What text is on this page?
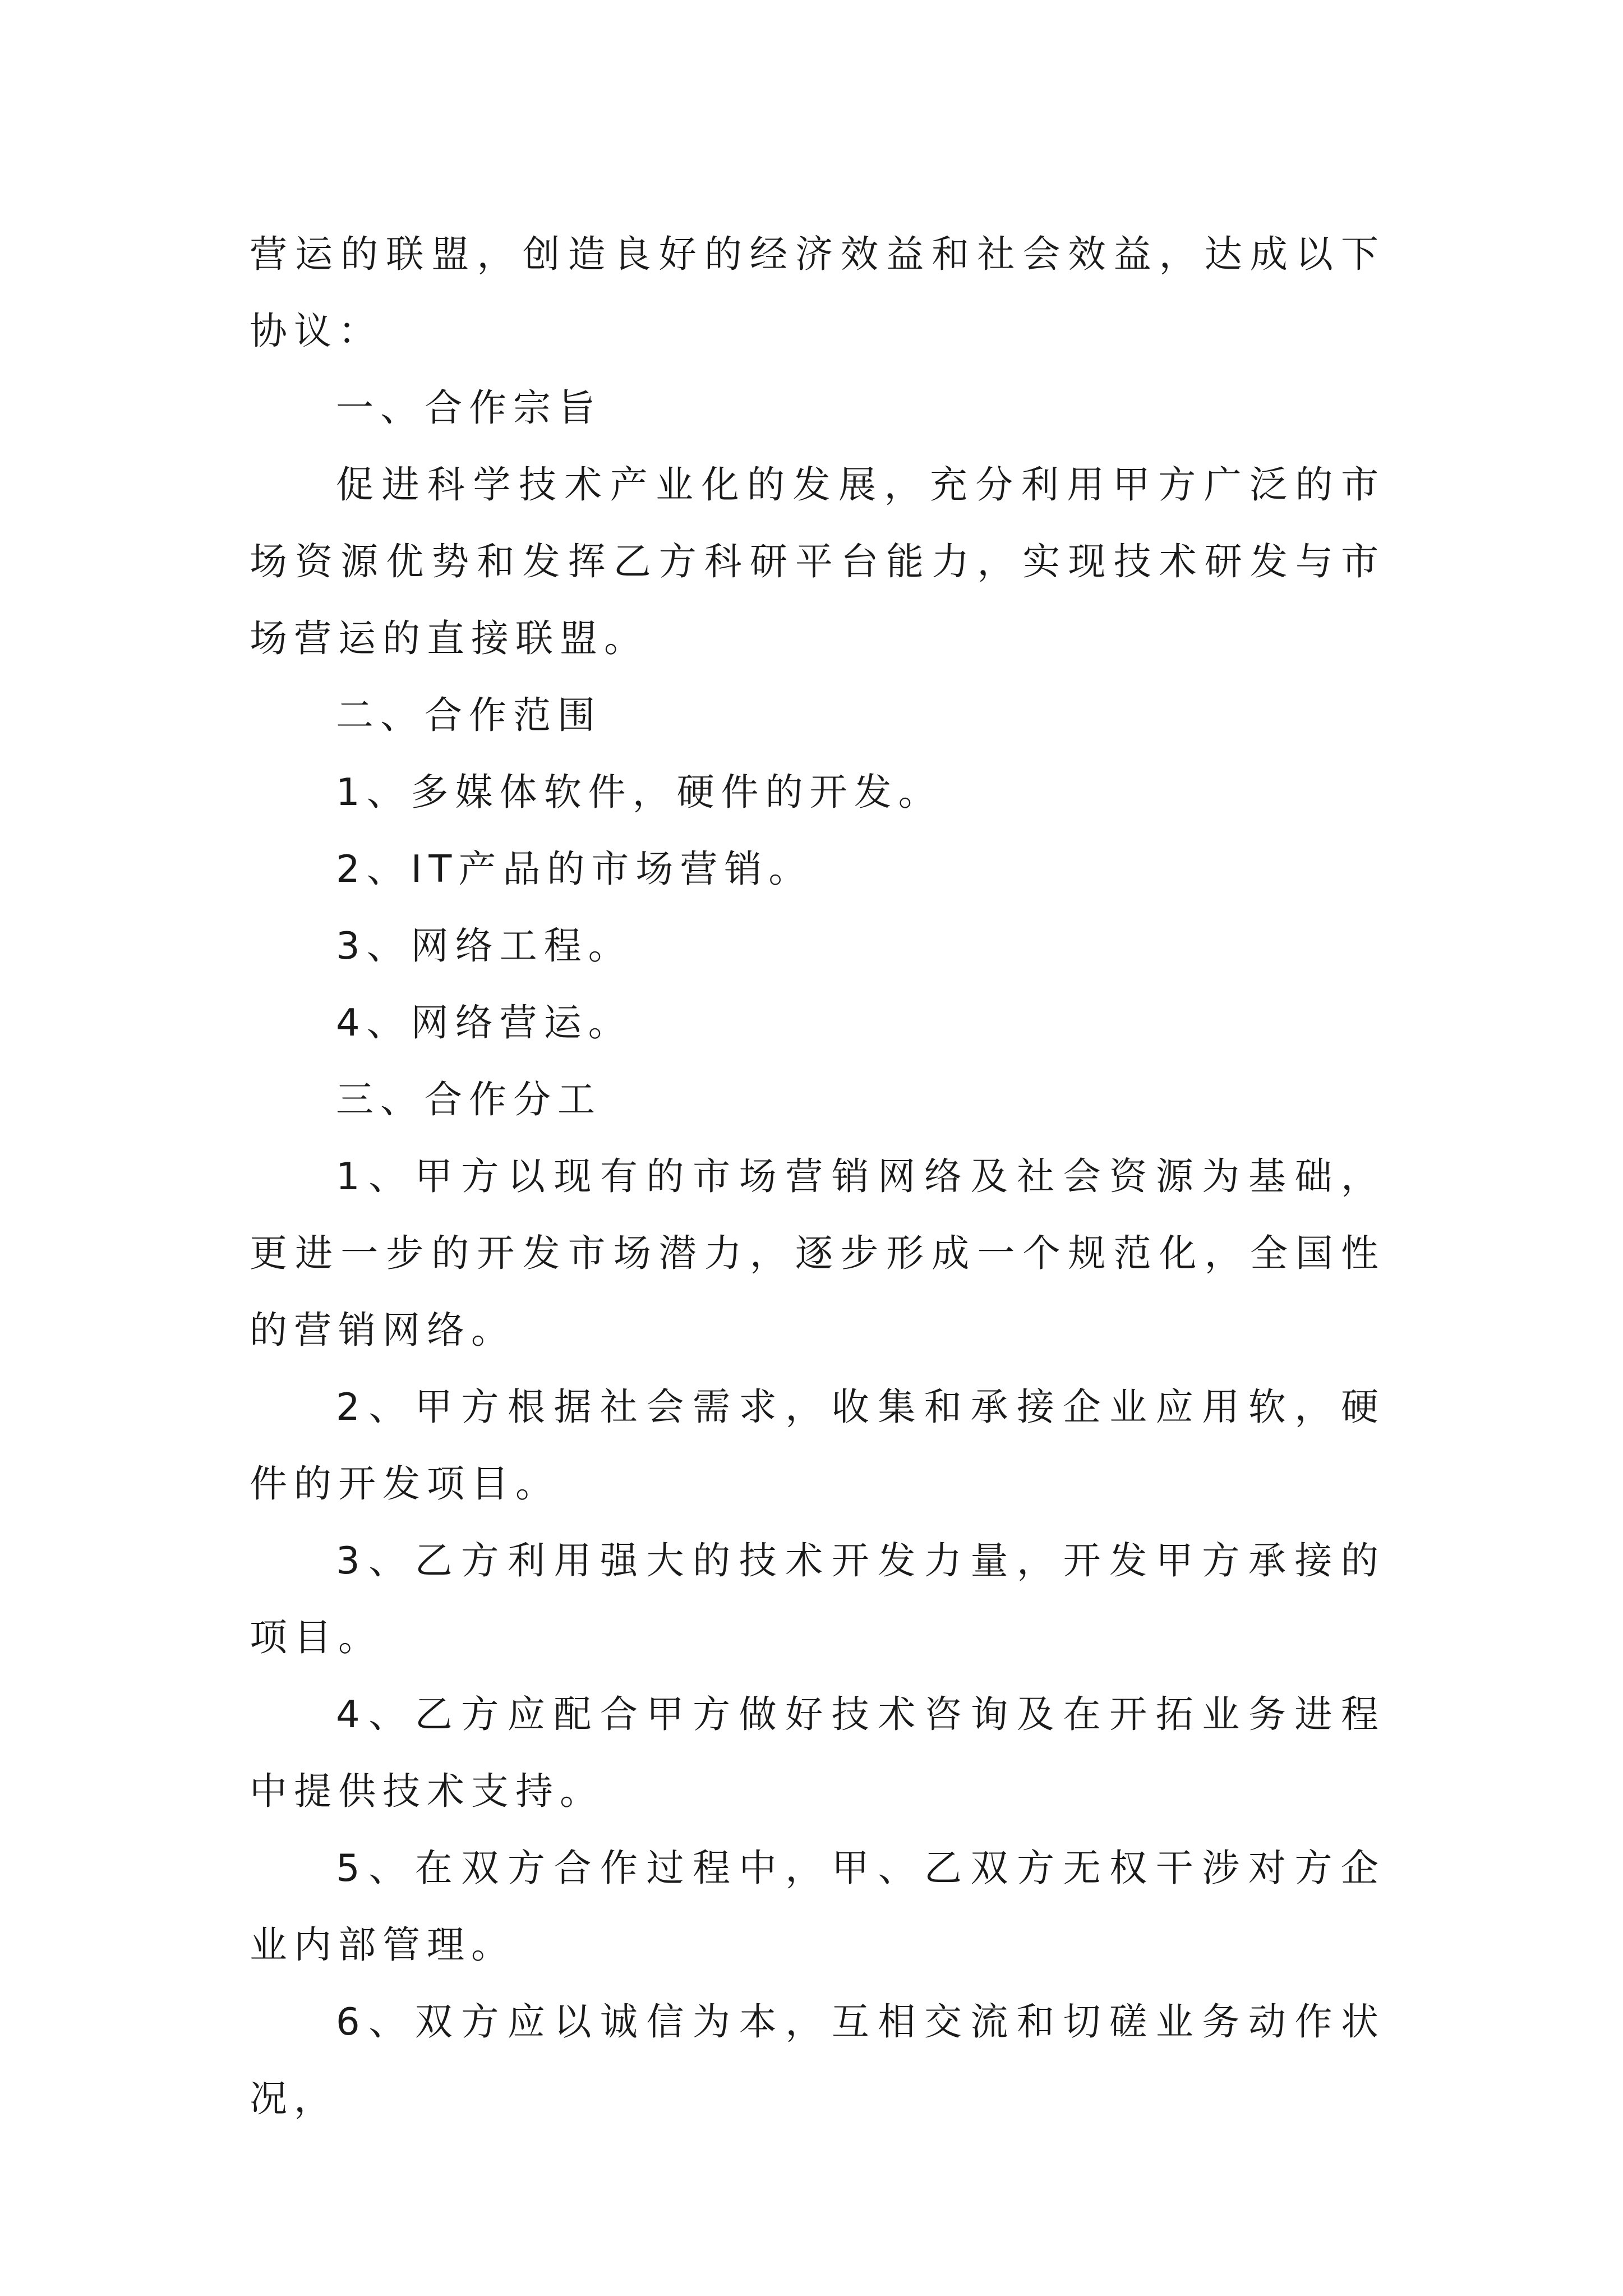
营运的联盟，创造良好的经济效益和社会效益，达成以下协议：

一、合作宗旨

促进科学技术产业化的发展，充分利用甲方广泛的市场资源优势和发挥乙方科研平台能力，实现技术研发与市场营运的直接联盟。

二、合作范围

1、多媒体软件，硬件的开发。

2、IT产品的市场营销。

3、网络工程。

4、网络营运。

三、合作分工

1、甲方以现有的市场营销网络及社会资源为基础，更进一步的开发市场潜力，逐步形成一个规范化，全国性的营销网络。

2、甲方根据社会需求，收集和承接企业应用软，硬件的开发项目。

3、乙方利用强大的技术开发力量，开发甲方承接的项目。

4、乙方应配合甲方做好技术咨询及在开拓业务进程中提供技术支持。

5、在双方合作过程中，甲、乙双方无权干涉对方企业内部管理。

6、双方应以诚信为本，互相交流和切磋业务动作状况，
